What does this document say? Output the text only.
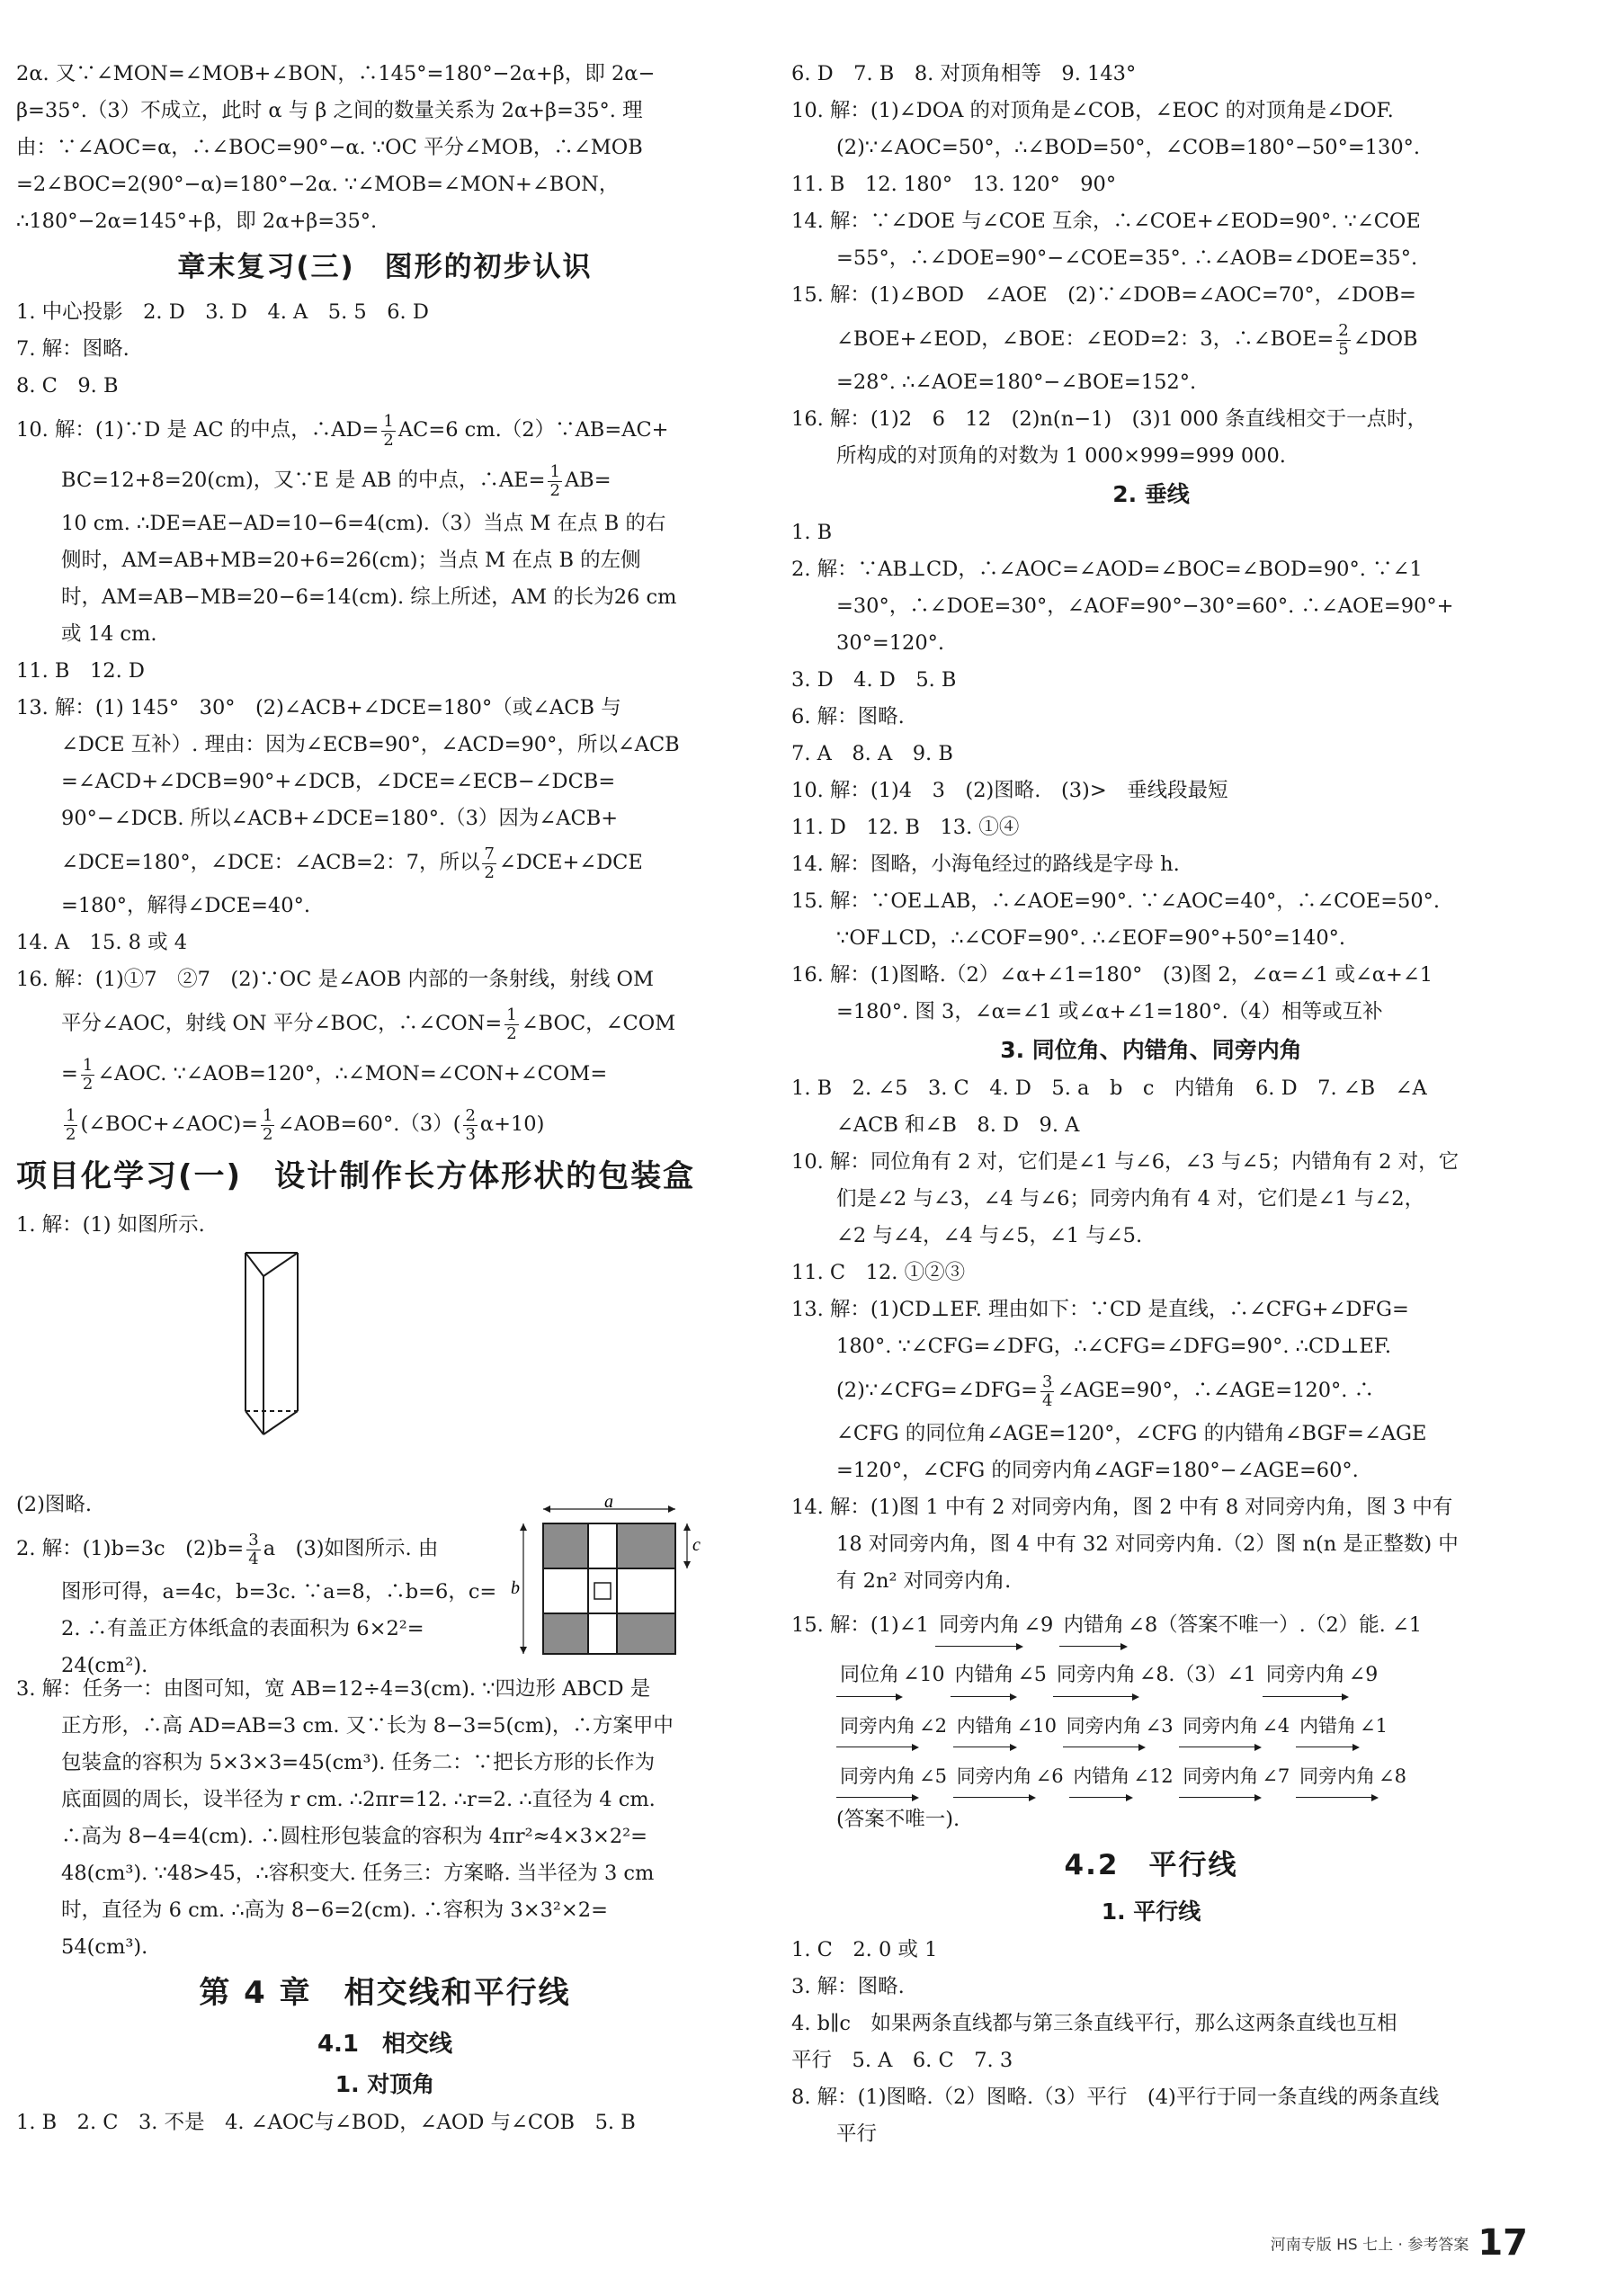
2α. 又∵∠MON=∠MOB+∠BON，∴145°=180°−2α+β，即 2α−
β=35°.（3）不成立，此时 α 与 β 之间的数量关系为 2α+β=35°. 理
由：∵∠AOC=α，∴∠BOC=90°−α. ∵OC 平分∠MOB，∴∠MOB
=2∠BOC=2(90°−α)=180°−2α. ∵∠MOB=∠MON+∠BON，
∴180°−2α=145°+β，即 2α+β=35°.
章末复习(三)　图形的初步认识
1. 中心投影　2. D　3. D　4. A　5. 5　6. D
7. 解：图略.
8. C　9. B
10. 解：(1)∵D 是 AC 的中点，∴AD= $\frac{1}{2} AC=6$ cm.（2）∵AB=AC+
BC=12+8=20(cm)，又∵E 是 AB 的中点，∴AE= $\frac{1}{2} AB=$
10 cm. ∴DE=AE−AD=10−6=4(cm).（3）当点 M 在点 B 的右
侧时，AM=AB+MB=20+6=26(cm)；当点 M 在点 B 的左侧
时，AM=AB−MB=20−6=14(cm). 综上所述，AM 的长为26 cm
或 14 cm.
11. B　12. D
13. 解：(1) 145°　30°　(2)∠ACB+∠DCE=180°（或∠ACB 与
∠DCE 互补）. 理由：因为∠ECB=90°，∠ACD=90°，所以∠ACB
=∠ACD+∠DCB=90°+∠DCB，∠DCE=∠ECB−∠DCB=
90°−∠DCB. 所以∠ACB+∠DCE=180°.（3）因为∠ACB+
∠DCE=180°，∠DCE：∠ACB=2：7，所以 $\frac{7}{2}$ ∠DCE+∠DCE
=180°，解得∠DCE=40°.
14. A　15. 8 或 4
16. 解：(1)①7　②7　(2)∵OC 是∠AOB 内部的一条射线，射线 OM
平分∠AOC，射线 ON 平分∠BOC，∴∠CON= $\frac{1}{2}$ ∠BOC，∠COM
= $\frac{1}{2}$ ∠AOC. ∵∠AOB=120°，∴∠MON=∠CON+∠COM=
$\frac{1}{2}$ (∠BOC+∠AOC)= $\frac{1}{2}$ ∠AOB=60°.（3）( $\frac{2}{3} \alpha+10$)
项目化学习(一)　设计制作长方体形状的包装盒
1. 解：(1) 如图所示.
(2)图略.
2. 解：(1)b=3c　$(2)b= \frac{3}{4}$ a　(3)如图所示. 由
图形可得，a=4c，b=3c. ∵a=8，∴b=6，c=
2. ∴有盖正方体纸盒的表面积为 6×2²=
24(cm²).
a
b
c
3. 解：任务一：由图可知，宽 AB=12÷4=3(cm). ∵四边形 ABCD 是
正方形，∴高 AD=AB=3 cm. 又∵长为 8−3=5(cm)，∴方案甲中
包装盒的容积为 5×3×3=45(cm³). 任务二：∵把长方形的长作为
底面圆的周长，设半径为 r cm. ∴2πr=12. ∴r=2. ∴直径为 4 cm.
∴高为 8−4=4(cm). ∴圆柱形包装盒的容积为 4πr²≈4×3×2²=
48(cm³). ∵48>45，∴容积变大. 任务三：方案略. 当半径为 3 cm
时，直径为 6 cm. ∴高为 8−6=2(cm). ∴容积为 3×3²×2=
54(cm³).
第 4 章　相交线和平行线
4.1　相交线
1. 对顶角
1. B　2. C　3. 不是　4. ∠AOC与∠BOD，∠AOD 与∠COB　5. B
6. D　7. B　8. 对顶角相等　9. 143°
10. 解：(1)∠DOA 的对顶角是∠COB，∠EOC 的对顶角是∠DOF.
(2)∵∠AOC=50°，∴∠BOD=50°，∠COB=180°−50°=130°.
11. B　12. 180°　13. 120°　90°
14. 解：∵∠DOE 与∠COE 互余，∴∠COE+∠EOD=90°. ∵∠COE
=55°，∴∠DOE=90°−∠COE=35°. ∴∠AOB=∠DOE=35°.
15. 解：(1)∠BOD　∠AOE　(2)∵∠DOB=∠AOC=70°，∠DOB=
∠BOE+∠EOD，∠BOE：∠EOD=2：3，∴∠BOE= $\frac{2}{5}$ ∠DOB
=28°. ∴∠AOE=180°−∠BOE=152°.
16. 解：(1)2　6　12　(2)n(n−1)　(3)1 000 条直线相交于一点时，
所构成的对顶角的对数为 1 000×999=999 000.
2. 垂线
1. B
2. 解：∵AB⊥CD，∴∠AOC=∠AOD=∠BOC=∠BOD=90°. ∵∠1
=30°，∴∠DOE=30°，∠AOF=90°−30°=60°. ∴∠AOE=90°+
30°=120°.
3. D　4. D　5. B
6. 解：图略.
7. A　8. A　9. B
10. 解：(1)4　3　(2)图略.　(3)>　垂线段最短
11. D　12. B　13. ①④
14. 解：图略，小海龟经过的路线是字母 h.
15. 解：∵OE⊥AB，∴∠AOE=90°. ∵∠AOC=40°，∴∠COE=50°.
∵OF⊥CD，∴∠COF=90°. ∴∠EOF=90°+50°=140°.
16. 解：(1)图略.（2）∠α+∠1=180°　(3)图 2，∠α=∠1 或∠α+∠1
=180°. 图 3，∠α=∠1 或∠α+∠1=180°.（4）相等或互补
3. 同位角、内错角、同旁内角
1. B　2. ∠5　3. C　4. D　5. a　b　c　内错角　6. D　7. ∠B　∠A
∠ACB 和∠B　8. D　9. A
10. 解：同位角有 2 对，它们是∠1 与∠6，∠3 与∠5；内错角有 2 对，它
们是∠2 与∠3，∠4 与∠6；同旁内角有 4 对，它们是∠1 与∠2，
∠2 与∠4，∠4 与∠5，∠1 与∠5.
11. C　12. ①②③
13. 解：(1)CD⊥EF. 理由如下：∵CD 是直线，∴∠CFG+∠DFG=
180°. ∵∠CFG=∠DFG，∴∠CFG=∠DFG=90°. ∴CD⊥EF.
(2)∵∠CFG=∠DFG= $\frac{3}{4}$ ∠AGE=90°，∴∠AGE=120°. ∴
∠CFG 的同位角∠AGE=120°，∠CFG 的内错角∠BGF=∠AGE
=120°，∠CFG 的同旁内角∠AGF=180°−∠AGE=60°.
14. 解：(1)图 1 中有 2 对同旁内角，图 2 中有 8 对同旁内角，图 3 中有
18 对同旁内角，图 4 中有 32 对同旁内角.（2）图 n(n 是正整数) 中
有 2n² 对同旁内角.
15. 解：(1)∠1 同旁内角 ∠9 内错角 ∠8（答案不唯一）.（2）能. ∠1
同位角 ∠10 内错角 ∠5 同旁内角 ∠8.（3）∠1 同旁内角 ∠9
同旁内角 ∠2 内错角 ∠10 同旁内角 ∠3 同旁内角 ∠4 内错角 ∠1
同旁内角 ∠5 同旁内角 ∠6 内错角 ∠12 同旁内角 ∠7 同旁内角 ∠8
(答案不唯一).
4.2　平行线
1. 平行线
1. C　2. 0 或 1
3. 解：图略.
4. b∥c　如果两条直线都与第三条直线平行，那么这两条直线也互相
平行　5. A　6. C　7. 3
8. 解：(1)图略.（2）图略.（3）平行　(4)平行于同一条直线的两条直线
平行
河南专版 HS 七上 · 参考答案 17
